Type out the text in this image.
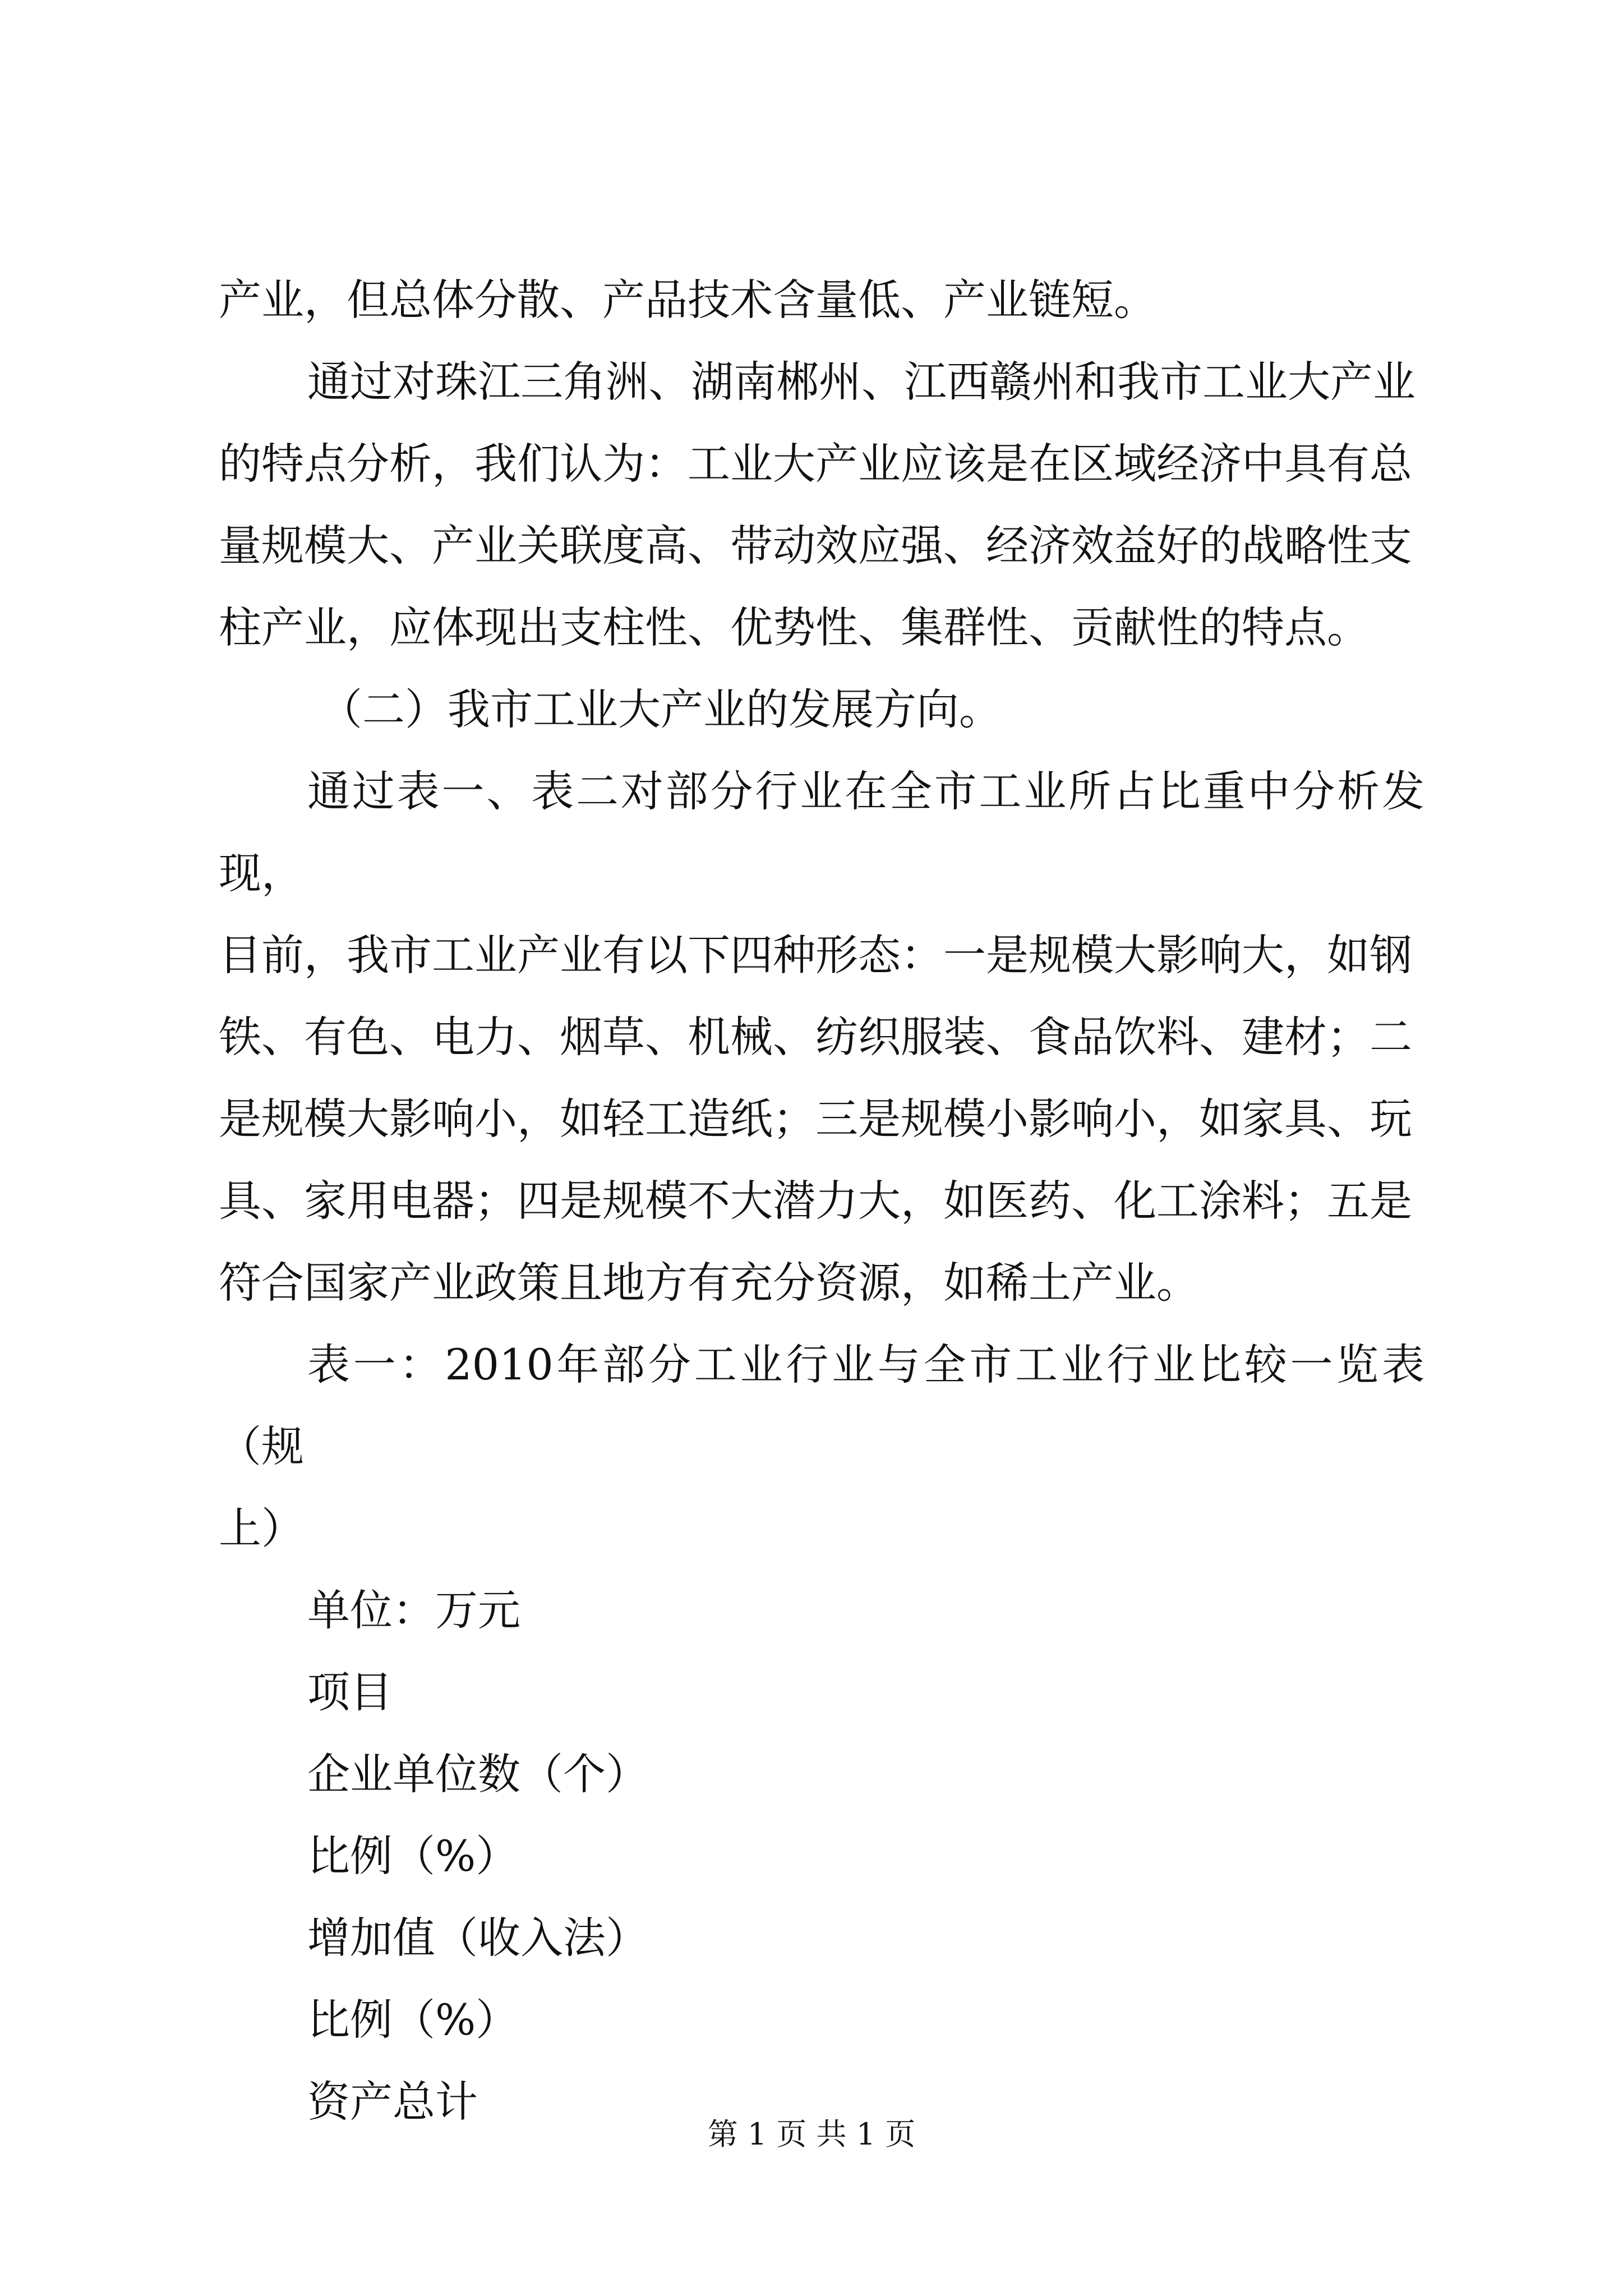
产业，但总体分散、产品技术含量低、产业链短。

通过对珠江三角洲、湖南郴州、江西赣州和我市工业大产业
的特点分析，我们认为：工业大产业应该是在区域经济中具有总
量规模大、产业关联度高、带动效应强、经济效益好的战略性支
柱产业，应体现出支柱性、优势性、集群性、贡献性的特点。

（二）我市工业大产业的发展方向。

通过表一、表二对部分行业在全市工业所占比重中分析发现，
目前，我市工业产业有以下四种形态：一是规模大影响大，如钢
铁、有色、电力、烟草、机械、纺织服装、食品饮料、建材；二
是规模大影响小，如轻工造纸；三是规模小影响小，如家具、玩
具、家用电器；四是规模不大潜力大，如医药、化工涂料；五是
符合国家产业政策且地方有充分资源，如稀土产业。

表一：2010年部分工业行业与全市工业行业比较一览表（规
上）

单位：万元

项目

企业单位数（个）

比例（%）

增加值（收入法）

比例（%）

资产总计

第 1 页 共 1 页
